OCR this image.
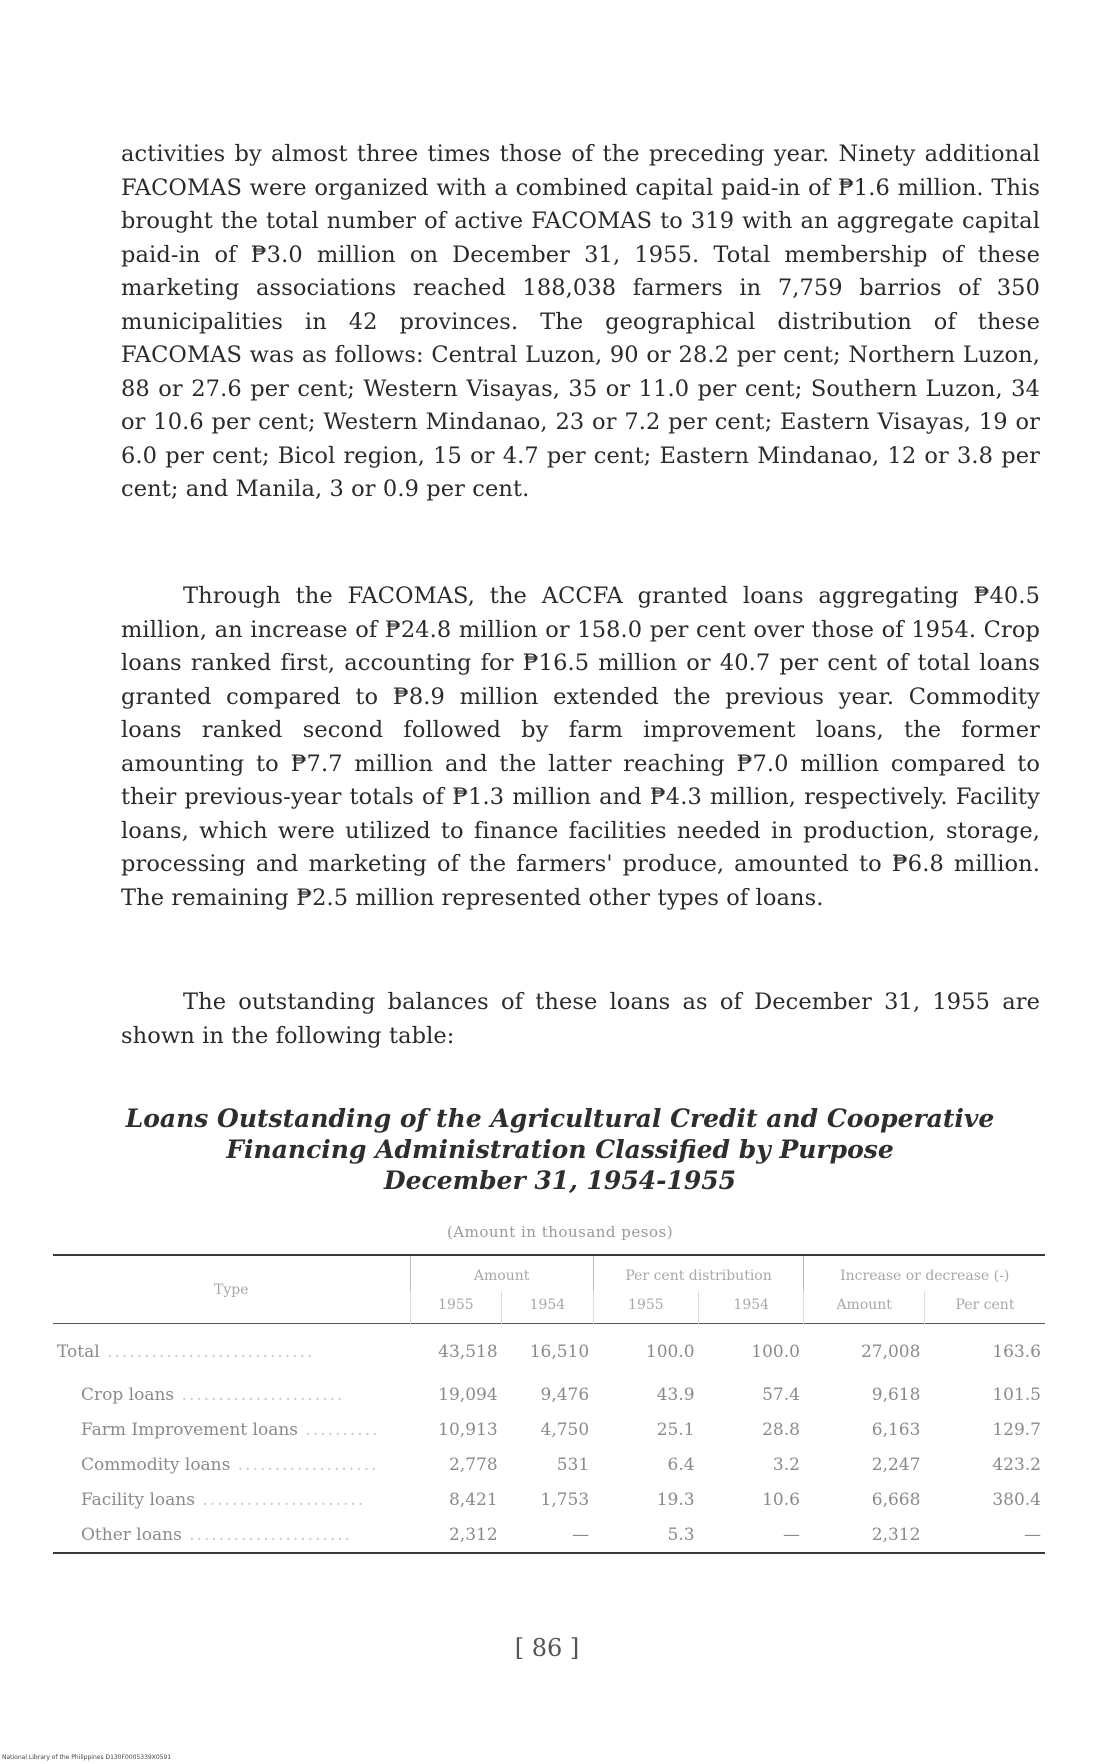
activities by almost three times those of the preceding year. Ninety additional FACOMAS were organized with a combined capital paid-in of ₱1.6 million. This brought the total number of active FACOMAS to 319 with an aggregate capital paid-in of ₱3.0 million on December 31, 1955. Total membership of these marketing associations reached 188,038 farmers in 7,759 barrios of 350 municipalities in 42 provinces. The geographical distribution of these FACOMAS was as follows: Central Luzon, 90 or 28.2 per cent; Northern Luzon, 88 or 27.6 per cent; Western Visayas, 35 or 11.0 per cent; Southern Luzon, 34 or 10.6 per cent; Western Mindanao, 23 or 7.2 per cent; Eastern Visayas, 19 or 6.0 per cent; Bicol region, 15 or 4.7 per cent; Eastern Mindanao, 12 or 3.8 per cent; and Manila, 3 or 0.9 per cent.

Through the FACOMAS, the ACCFA granted loans aggregating ₱40.5 million, an increase of ₱24.8 million or 158.0 per cent over those of 1954. Crop loans ranked first, accounting for ₱16.5 million or 40.7 per cent of total loans granted compared to ₱8.9 million extended the previous year. Commodity loans ranked second followed by farm improvement loans, the former amounting to ₱7.7 million and the latter reaching ₱7.0 million compared to their previous-year totals of ₱1.3 million and ₱4.3 million, respectively. Facility loans, which were utilized to finance facilities needed in production, storage, processing and marketing of the farmers' produce, amounted to ₱6.8 million. The remaining ₱2.5 million represented other types of loans.

The outstanding balances of these loans as of December 31, 1955 are shown in the following table:

Loans Outstanding of the Agricultural Credit and Cooperative
Financing Administration Classified by Purpose
December 31, 1954-1955
(Amount in thousand pesos)
Type	Amount		Per cent distribution		Increase or decrease (-)	
	1955	1954	1955	1954	Amount	Per cent
Total ............................	43,518	16,510	100.0	100.0	27,008	163.6
Crop loans ......................	19,094	9,476	43.9	57.4	9,618	101.5
Farm Improvement loans ..........	10,913	4,750	25.1	28.8	6,163	129.7
Commodity loans ...................	2,778	531	6.4	3.2	2,247	423.2
Facility loans ......................	8,421	1,753	19.3	10.6	6,668	380.4
Other loans ......................	2,312	—	5.3	—	2,312	—
[ 86 ]
National Library of the Philippines D130F0005339X0591
